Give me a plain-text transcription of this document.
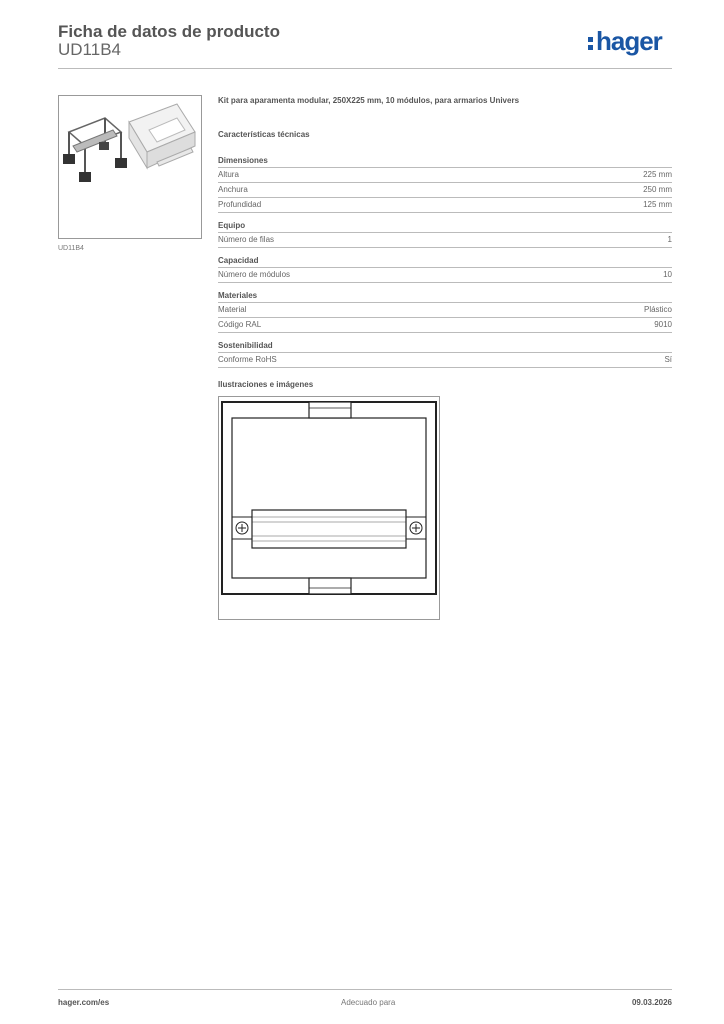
Ficha de datos de producto
UD11B4	hager
UD11B4
Kit para aparamenta modular, 250X225 mm, 10 módulos, para armarios Univers
Características técnicas
Dimensiones
Altura	225 mm
Anchura	250 mm
Profundidad	125 mm
Equipo
Número de filas	1
Capacidad
Número de módulos	10
Materiales
Material	Plástico
Código RAL	9010
Sostenibilidad
Conforme RoHS	Sí
Ilustraciones e imágenes
hager.com/es	Adecuado para	09.03.2026
